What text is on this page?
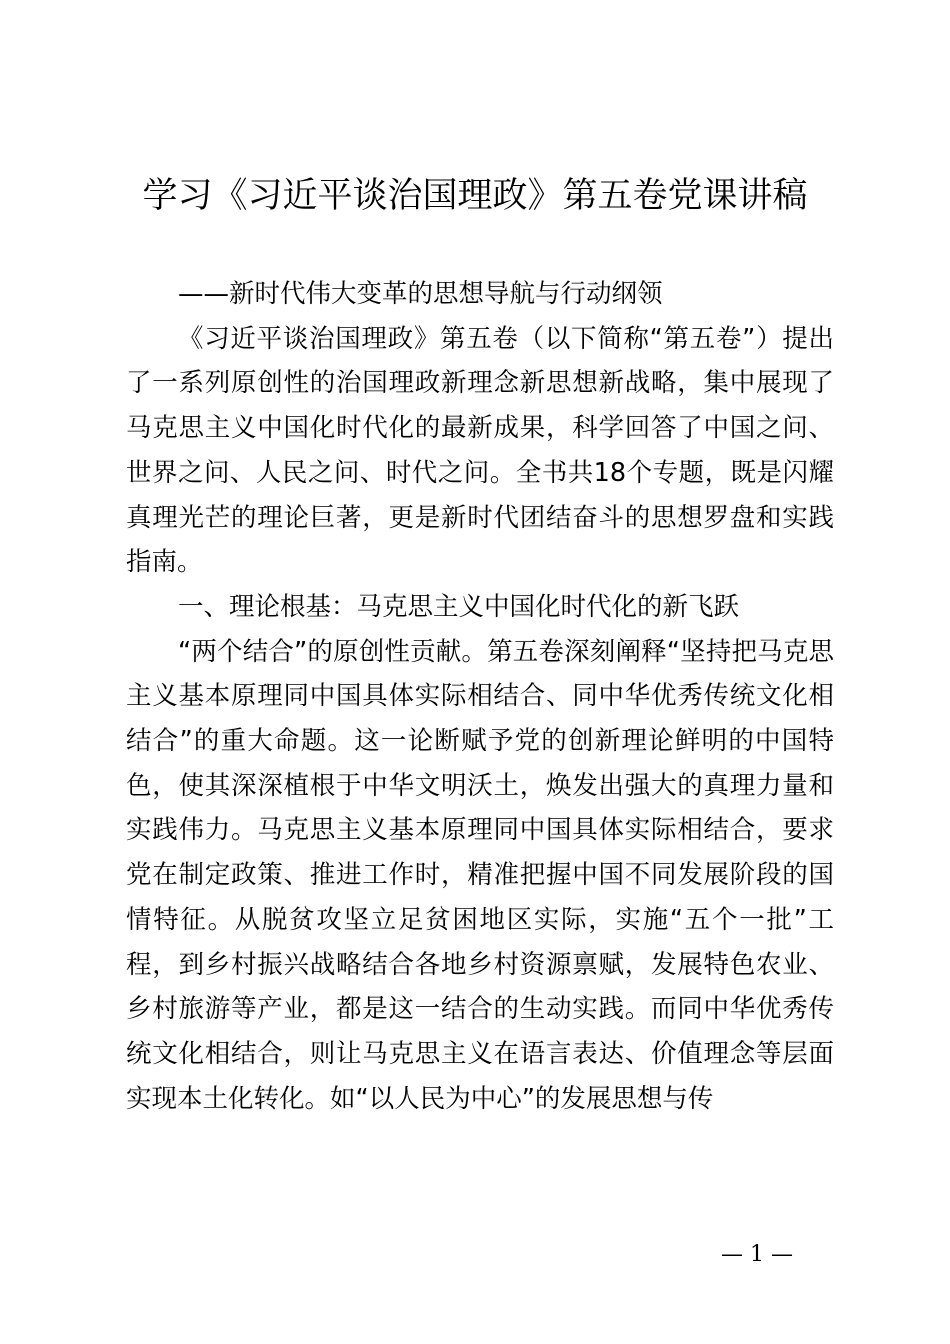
学习《习近平谈治国理政》第五卷党课讲稿

——新时代伟大变革的思想导航与行动纲领

《习近平谈治国理政》第五卷（以下简称“第五卷”）提出了一系列原创性的治国理政新理念新思想新战略，集中展现了马克思主义中国化时代化的最新成果，科学回答了中国之问、世界之问、人民之问、时代之问。全书共18个专题，既是闪耀真理光芒的理论巨著，更是新时代团结奋斗的思想罗盘和实践指南。

一、理论根基：马克思主义中国化时代化的新飞跃

“两个结合”的原创性贡献。第五卷深刻阐释“坚持把马克思主义基本原理同中国具体实际相结合、同中华优秀传统文化相结合”的重大命题。这一论断赋予党的创新理论鲜明的中国特色，使其深深植根于中华文明沃土，焕发出强大的真理力量和实践伟力。马克思主义基本原理同中国具体实际相结合，要求党在制定政策、推进工作时，精准把握中国不同发展阶段的国情特征。从脱贫攻坚立足贫困地区实际，实施“五个一批”工程，到乡村振兴战略结合各地乡村资源禀赋，发展特色农业、乡村旅游等产业，都是这一结合的生动实践。而同中华优秀传统文化相结合，则让马克思主义在语言表达、价值理念等层面实现本土化转化。如“以人民为中心”的发展思想与传

— 1 —
